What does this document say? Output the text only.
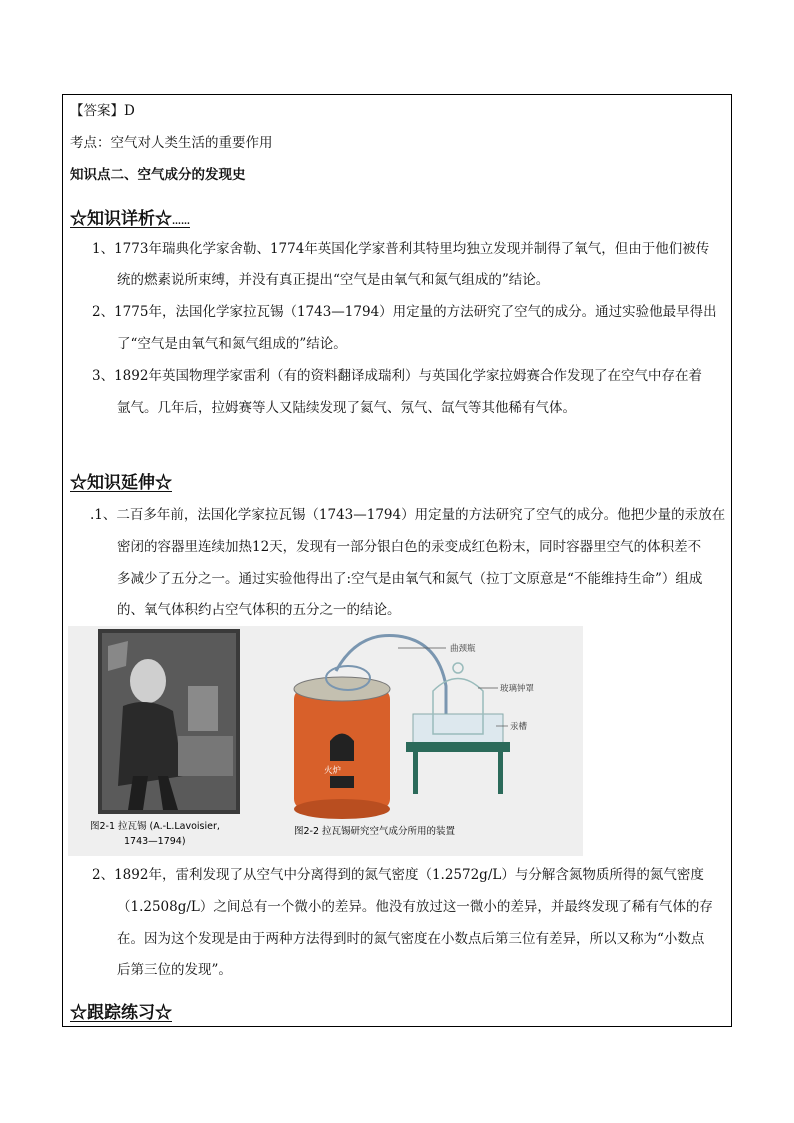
【答案】D
考点：空气对人类生活的重要作用
知识点二、空气成分的发现史
☆知识详析☆……
1、1773年瑞典化学家舍勒、1774年英国化学家普利其特里均独立发现并制得了氧气，但由于他们被传
统的燃素说所束缚，并没有真正提出“空气是由氧气和氮气组成的”结论。
2、1775年，法国化学家拉瓦锡（1743—1794）用定量的方法研究了空气的成分。通过实验他最早得出
了“空气是由氧气和氮气组成的”结论。
3、1892年英国物理学家雷利（有的资料翻译成瑞利）与英国化学家拉姆赛合作发现了在空气中存在着
氩气。几年后，拉姆赛等人又陆续发现了氦气、氖气、氙气等其他稀有气体。
☆知识延伸☆
.1、二百多年前，法国化学家拉瓦锡（1743—1794）用定量的方法研究了空气的成分。他把少量的汞放在
密闭的容器里连续加热12天，发现有一部分银白色的汞变成红色粉末，同时容器里空气的体积差不
多减少了五分之一。通过实验他得出了:空气是由氧气和氮气（拉丁文原意是“不能维持生命”）组成
的、氧气体积约占空气体积的五分之一的结论。
曲颈瓶
玻璃钟罩
汞槽
火炉
图2-1 拉瓦锡 (A.-L.Lavoisier,
1743—1794)
图2-2 拉瓦锡研究空气成分所用的装置
2、1892年，雷利发现了从空气中分离得到的氮气密度（1.2572g/L）与分解含氮物质所得的氮气密度
（1.2508g/L）之间总有一个微小的差异。他没有放过这一微小的差异，并最终发现了稀有气体的存
在。因为这个发现是由于两种方法得到时的氮气密度在小数点后第三位有差异，所以又称为“小数点
后第三位的发现”。
☆跟踪练习☆
